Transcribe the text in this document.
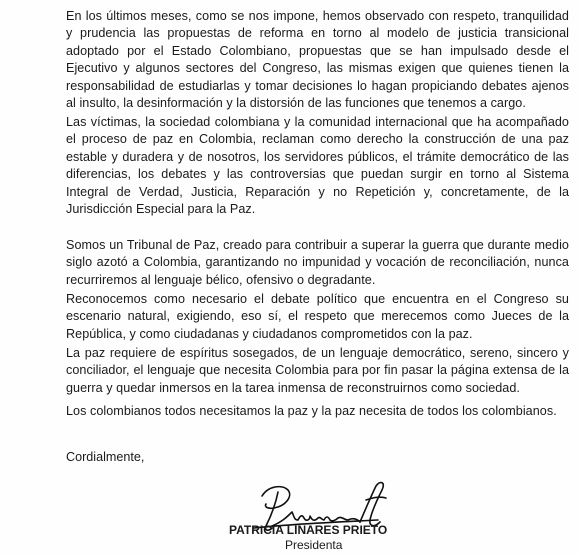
En los últimos meses, como se nos impone, hemos observado con respeto, tranquilidad y prudencia las propuestas de reforma en torno al modelo de justicia transicional adoptado por el Estado Colombiano, propuestas que se han impulsado desde el Ejecutivo y algunos sectores del Congreso, las mismas exigen que quienes tienen la responsabilidad de estudiarlas y tomar decisiones lo hagan propiciando debates ajenos al insulto, la desinformación y la distorsión de las funciones que tenemos a cargo.

Las víctimas, la sociedad colombiana y la comunidad internacional que ha acompañado el proceso de paz en Colombia, reclaman como derecho la construcción de una paz estable y duradera y de nosotros, los servidores públicos, el trámite democrático de las diferencias, los debates y las controversias que puedan surgir en torno al Sistema Integral de Verdad, Justicia, Reparación y no Repetición y, concretamente, de la Jurisdicción Especial para la Paz.

Somos un Tribunal de Paz, creado para contribuir a superar la guerra que durante medio siglo azotó a Colombia, garantizando no impunidad y vocación de reconciliación, nunca recurriremos al lenguaje bélico, ofensivo o degradante.

Reconocemos como necesario el debate político que encuentra en el Congreso su escenario natural, exigiendo, eso sí, el respeto que merecemos como Jueces de la República, y como ciudadanas y ciudadanos comprometidos con la paz.

La paz requiere de espíritus sosegados, de un lenguaje democrático, sereno, sincero y conciliador, el lenguaje que necesita Colombia para por fin pasar la página extensa de la guerra y quedar inmersos en la tarea inmensa de reconstruirnos como sociedad.

Los colombianos todos necesitamos la paz y la paz necesita de todos los colombianos.

Cordialmente,

PATRICIA LINARES PRIETO

Presidenta
